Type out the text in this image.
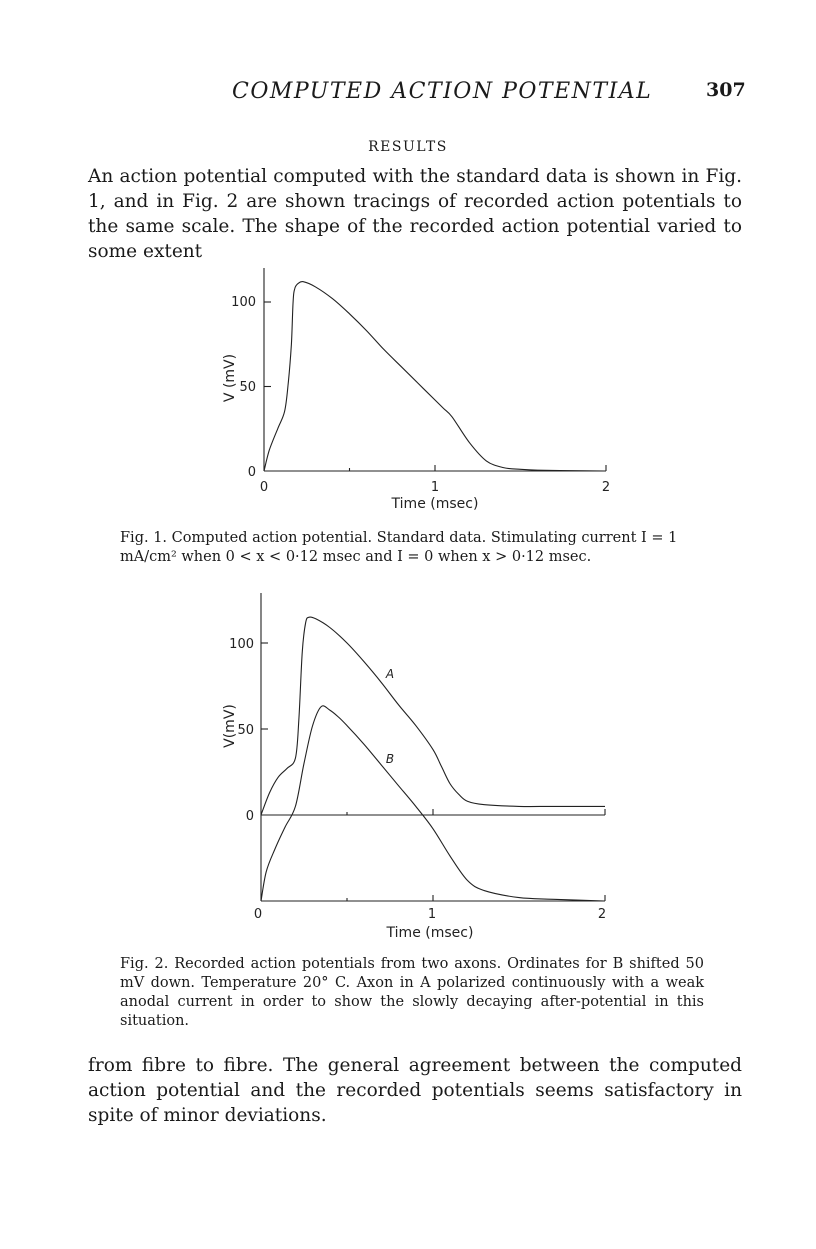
COMPUTED ACTION POTENTIAL	307
RESULTS

An action potential computed with the standard data is shown in Fig. 1, and in Fig. 2 are shown tracings of recorded action potentials to the same scale. The shape of the recorded action potential varied to some extent

V (mV)
0
50
100
0	1	2
Time (msec)

Fig. 1. Computed action potential. Standard data. Stimulating current I = 1 mA/cm² when 0 < x < 0·12 msec and I = 0 when x > 0·12 msec.

V(mV)
0
50
100
0	1	2
Time (msec)
A
B

Fig. 2. Recorded action potentials from two axons. Ordinates for B shifted 50 mV down. Temperature 20° C. Axon in A polarized continuously with a weak anodal current in order to show the slowly decaying after-potential in this situation.

from fibre to fibre. The general agreement between the computed action potential and the recorded potentials seems satisfactory in spite of minor deviations.
